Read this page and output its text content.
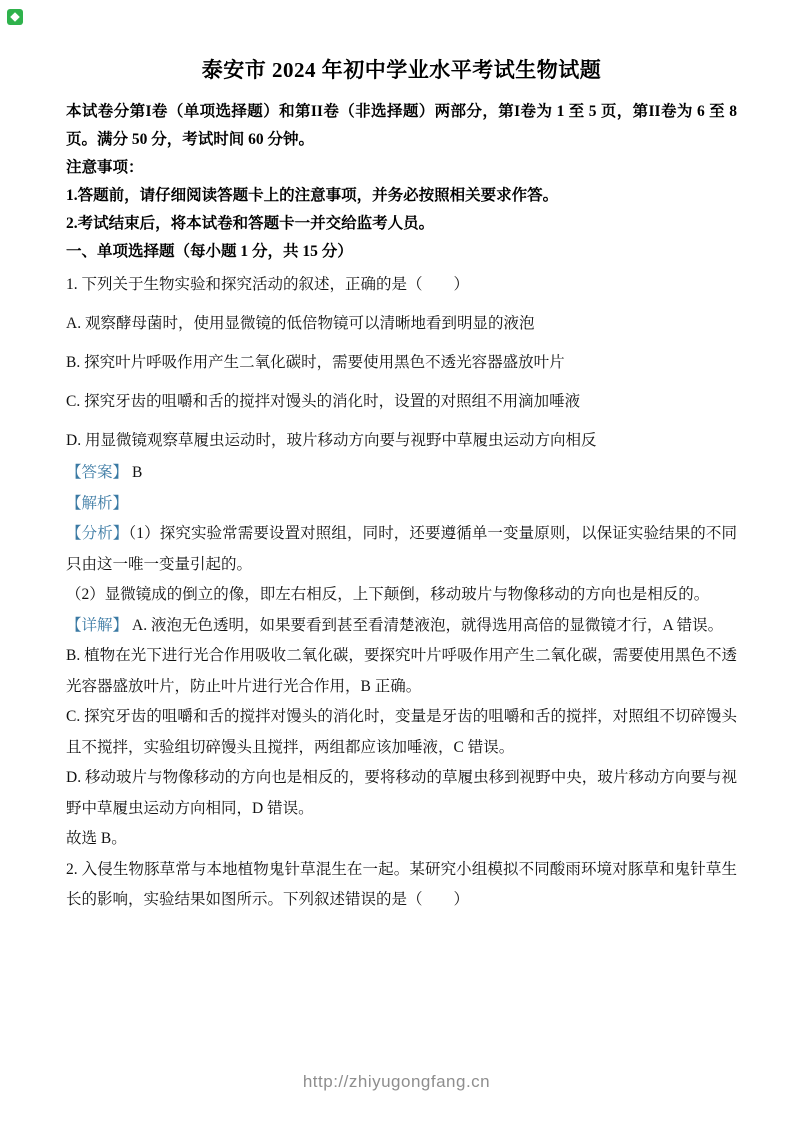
泰安市 2024 年初中学业水平考试生物试题

本试卷分第I卷（单项选择题）和第II卷（非选择题）两部分，第I卷为 1 至 5 页，第II卷为 6 至 8 页。满分 50 分，考试时间 60 分钟。

注意事项：

1.答题前，请仔细阅读答题卡上的注意事项，并务必按照相关要求作答。

2.考试结束后，将本试卷和答题卡一并交给监考人员。

一、单项选择题（每小题 1 分，共 15 分）

1. 下列关于生物实验和探究活动的叙述，正确的是（　　）

A. 观察酵母菌时，使用显微镜的低倍物镜可以清晰地看到明显的液泡

B. 探究叶片呼吸作用产生二氧化碳时，需要使用黑色不透光容器盛放叶片

C. 探究牙齿的咀嚼和舌的搅拌对馒头的消化时，设置的对照组不用滴加唾液

D. 用显微镜观察草履虫运动时，玻片移动方向要与视野中草履虫运动方向相反

【答案】 B

【解析】

【分析】（1）探究实验常需要设置对照组，同时，还要遵循单一变量原则，以保证实验结果的不同只由这一唯一变量引起的。

（2）显微镜成的倒立的像，即左右相反，上下颠倒，移动玻片与物像移动的方向也是相反的。

【详解】 A. 液泡无色透明，如果要看到甚至看清楚液泡，就得选用高倍的显微镜才行，A 错误。

B. 植物在光下进行光合作用吸收二氧化碳，要探究叶片呼吸作用产生二氧化碳，需要使用黑色不透光容器盛放叶片，防止叶片进行光合作用，B 正确。

C. 探究牙齿的咀嚼和舌的搅拌对馒头的消化时，变量是牙齿的咀嚼和舌的搅拌，对照组不切碎馒头且不搅拌，实验组切碎馒头且搅拌，两组都应该加唾液，C 错误。

D. 移动玻片与物像移动的方向也是相反的，要将移动的草履虫移到视野中央，玻片移动方向要与视野中草履虫运动方向相同，D 错误。

故选 B。

2. 入侵生物豚草常与本地植物鬼针草混生在一起。某研究小组模拟不同酸雨环境对豚草和鬼针草生长的影响，实验结果如图所示。下列叙述错误的是（　　）

http://zhiyugongfang.cn
